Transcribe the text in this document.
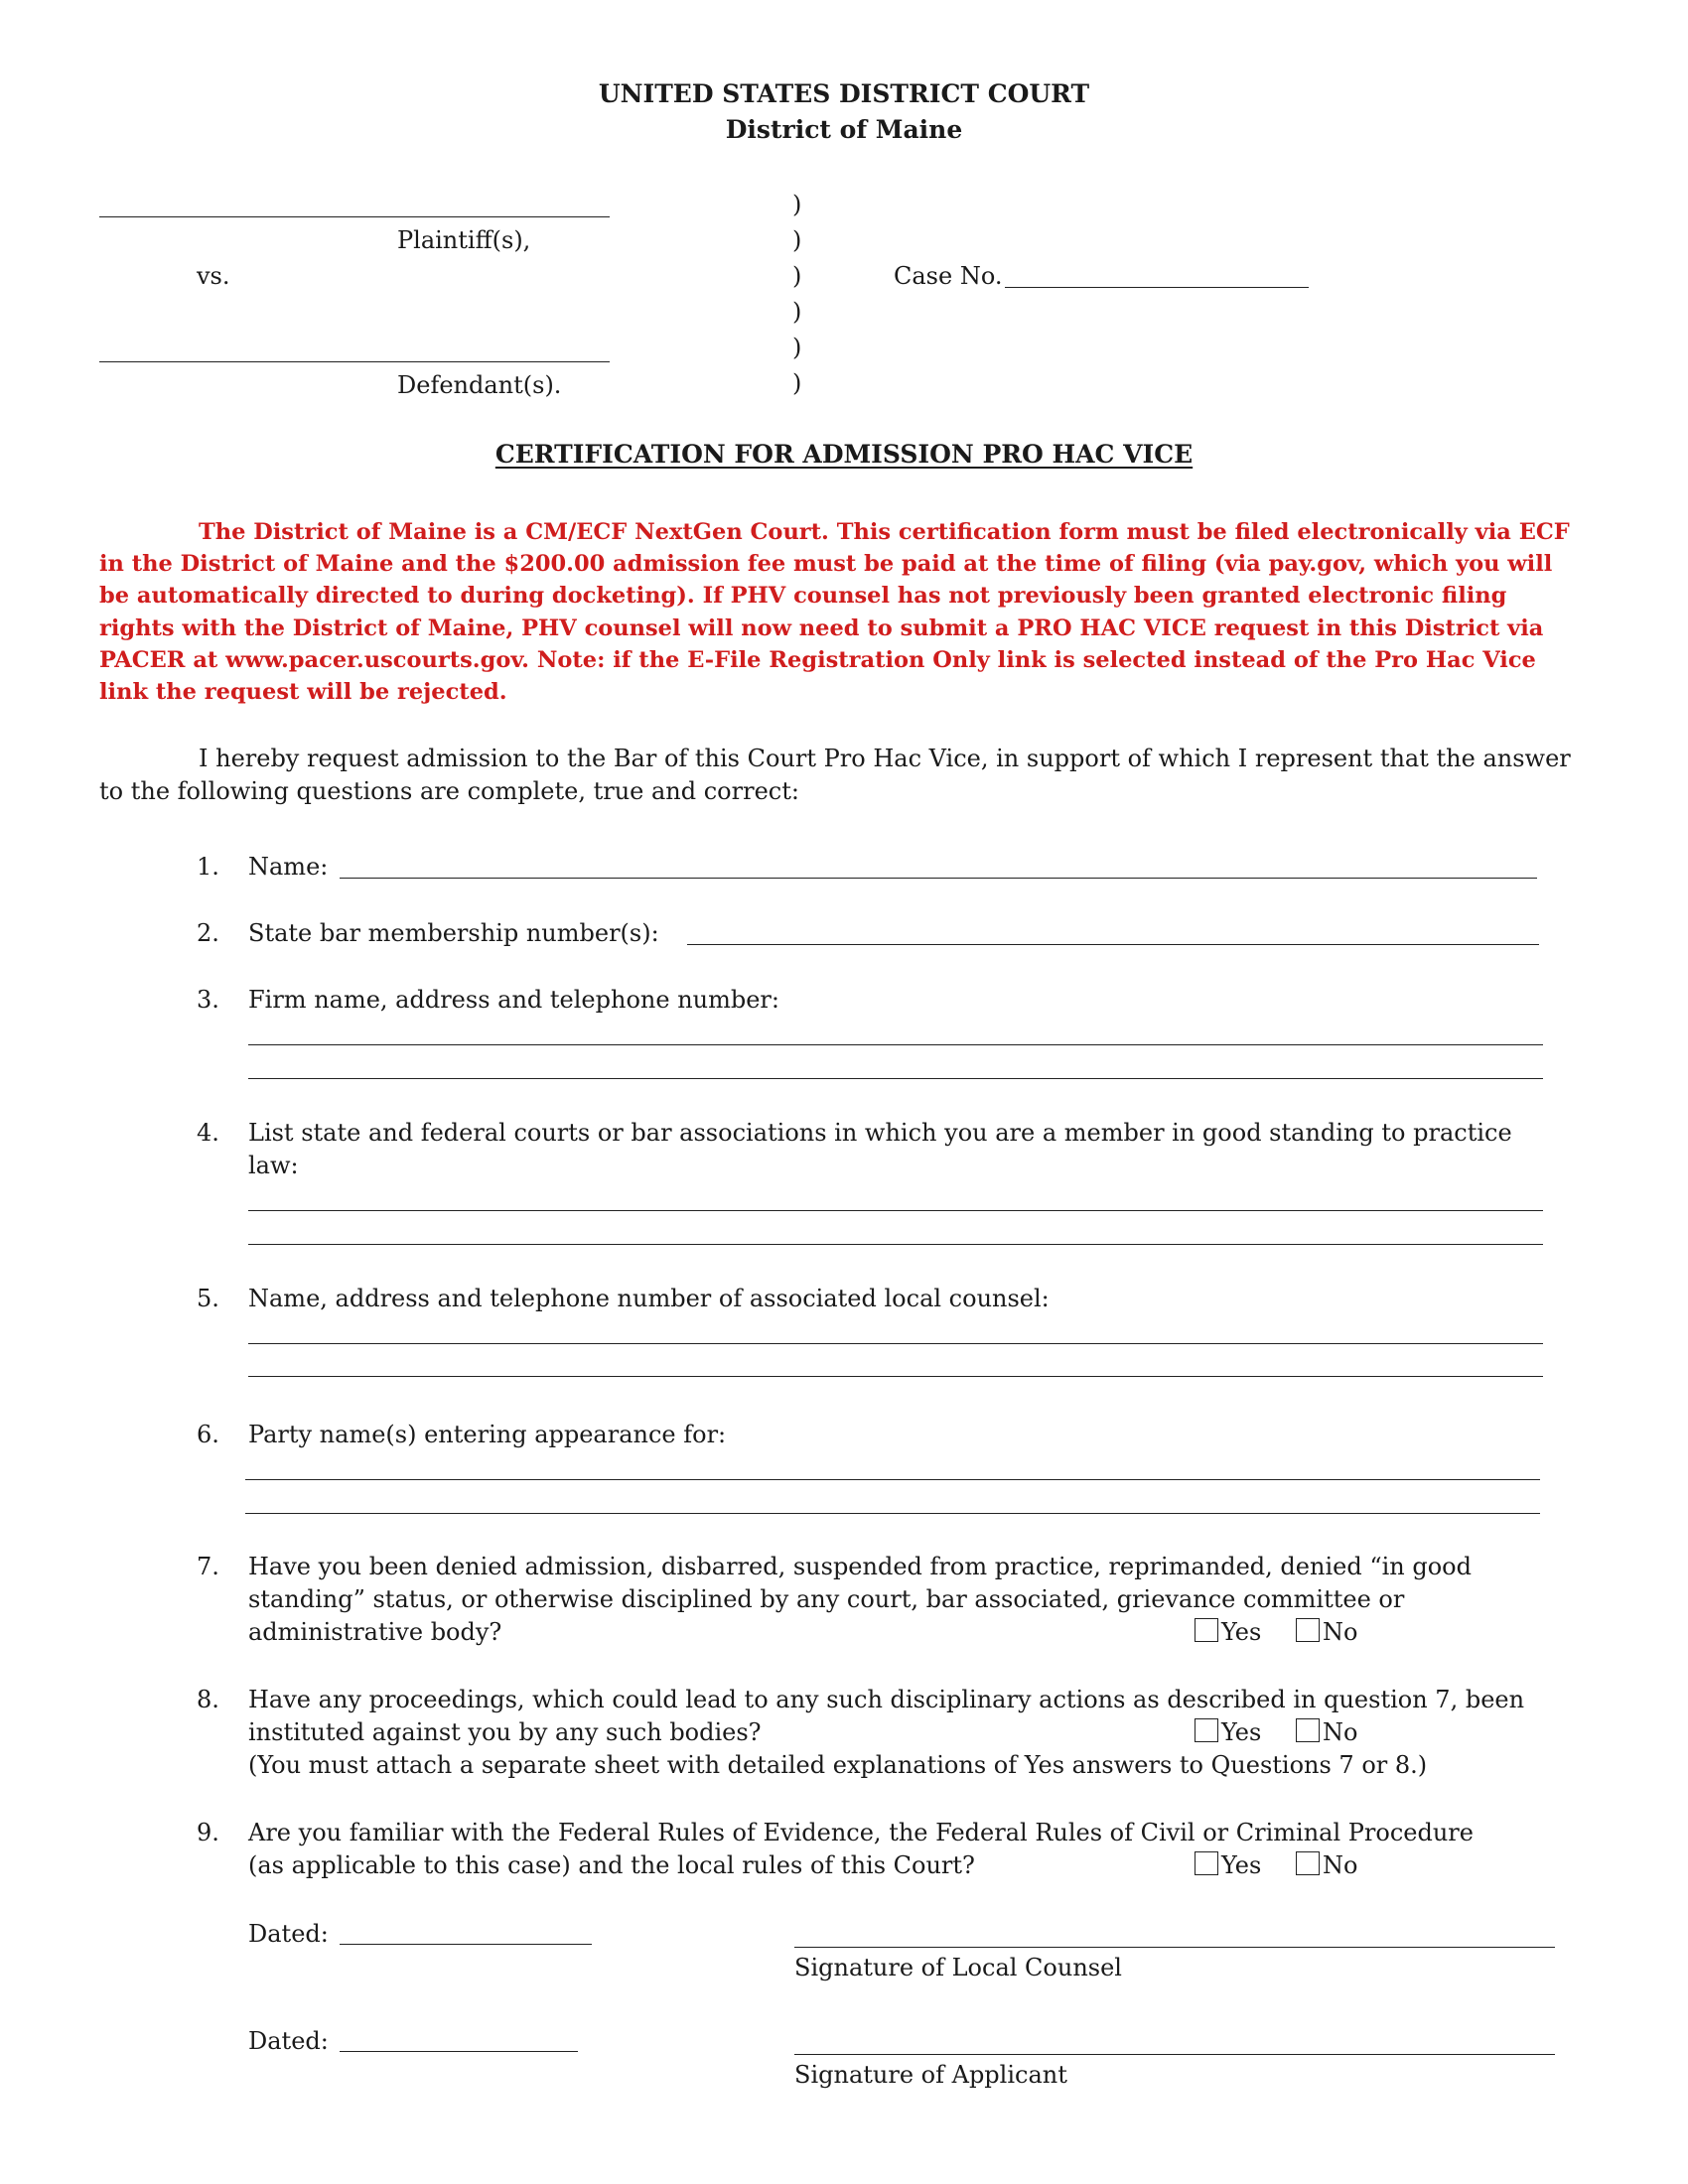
UNITED STATES DISTRICT COURT
District of Maine
Plaintiff(s),
vs.
Defendant(s).
)
)
)
)
)
)
Case No.
CERTIFICATION FOR ADMISSION PRO HAC VICE

The District of Maine is a CM/ECF NextGen Court. This certification form must be filed electronically via ECF in the District of Maine and the $200.00 admission fee must be paid at the time of filing (via pay.gov, which you will be automatically directed to during docketing). If PHV counsel has not previously been granted electronic filing rights with the District of Maine, PHV counsel will now need to submit a PRO HAC VICE request in this District via PACER at www.pacer.uscourts.gov. Note: if the E-File Registration Only link is selected instead of the Pro Hac Vice link the request will be rejected.

I hereby request admission to the Bar of this Court Pro Hac Vice, in support of which I represent that the answer to the following questions are complete, true and correct:

1. Name:
2. State bar membership number(s):
3. Firm name, address and telephone number:
4. List state and federal courts or bar associations in which you are a member in good standing to practice
law:
5. Name, address and telephone number of associated local counsel:
6. Party name(s) entering appearance for:
7. Have you been denied admission, disbarred, suspended from practice, reprimanded, denied “in good
standing” status, or otherwise disciplined by any court, bar associated, grievance committee or
administrative body?	Yes	No
8. Have any proceedings, which could lead to any such disciplinary actions as described in question 7, been
instituted against you by any such bodies?
(You must attach a separate sheet with detailed explanations of Yes answers to Questions 7 or 8.)
Yes	No
9. Are you familiar with the Federal Rules of Evidence, the Federal Rules of Civil or Criminal Procedure
(as applicable to this case) and the local rules of this Court?	Yes	No
Dated:
Signature of Local Counsel
Dated:
Signature of Applicant
